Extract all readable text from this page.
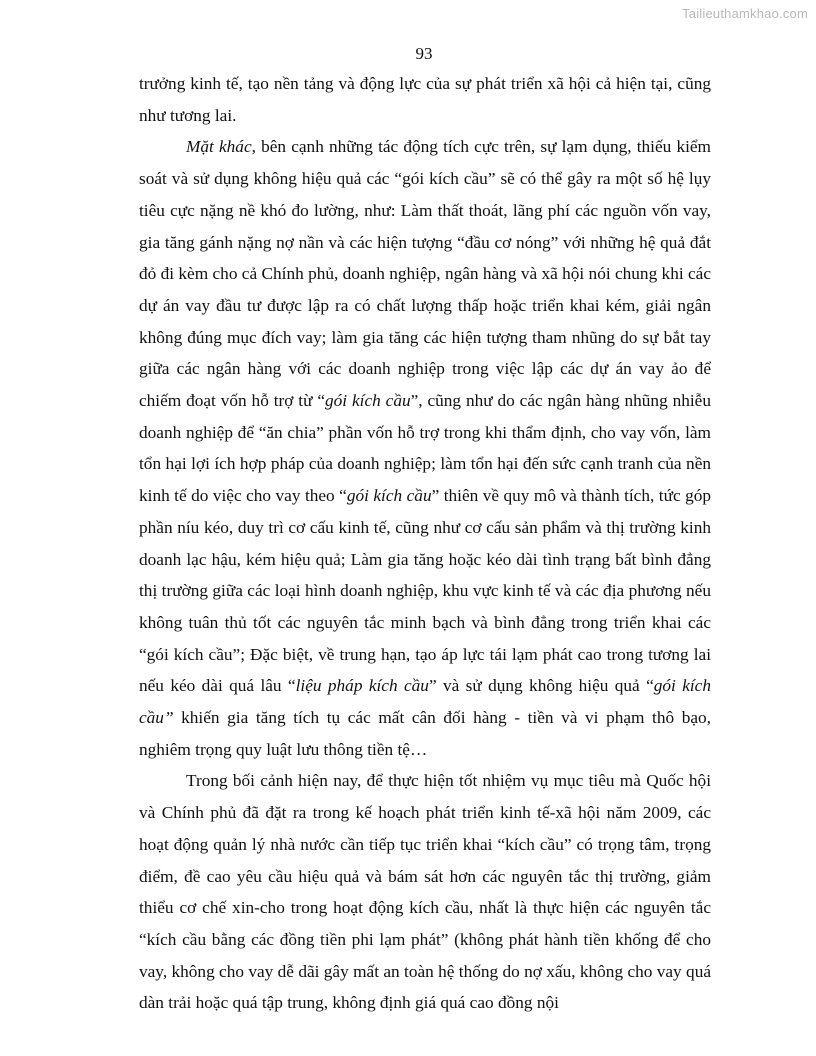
Tailieuthamkhao.com
93

trưởng kinh tế, tạo nền tảng và động lực của sự phát triển xã hội cả hiện tại, cũng như tương lai.

Mặt khác, bên cạnh những tác động tích cực trên, sự lạm dụng, thiếu kiểm soát và sử dụng không hiệu quả các “gói kích cầu” sẽ có thể gây ra một số hệ lụy tiêu cực nặng nề khó đo lường, như: Làm thất thoát, lãng phí các nguồn vốn vay, gia tăng gánh nặng nợ nần và các hiện tượng “đầu cơ nóng” với những hệ quả đắt đỏ đi kèm cho cả Chính phủ, doanh nghiệp, ngân hàng và xã hội nói chung khi các dự án vay đầu tư được lập ra có chất lượng thấp hoặc triển khai kém, giải ngân không đúng mục đích vay; làm gia tăng các hiện tượng tham nhũng do sự bắt tay giữa các ngân hàng với các doanh nghiệp trong việc lập các dự án vay ảo để chiếm đoạt vốn hỗ trợ từ “gói kích cầu”, cũng như do các ngân hàng nhũng nhiễu doanh nghiệp để “ăn chia” phần vốn hỗ trợ trong khi thẩm định, cho vay vốn, làm tổn hại lợi ích hợp pháp của doanh nghiệp; làm tổn hại đến sức cạnh tranh của nền kinh tế do việc cho vay theo “gói kích cầu” thiên về quy mô và thành tích, tức góp phần níu kéo, duy trì cơ cấu kinh tế, cũng như cơ cấu sản phẩm và thị trường kinh doanh lạc hậu, kém hiệu quả; Làm gia tăng hoặc kéo dài tình trạng bất bình đẳng thị trường giữa các loại hình doanh nghiệp, khu vực kinh tế và các địa phương nếu không tuân thủ tốt các nguyên tắc minh bạch và bình đẳng trong triển khai các “gói kích cầu”; Đặc biệt, về trung hạn, tạo áp lực tái lạm phát cao trong tương lai nếu kéo dài quá lâu “liệu pháp kích cầu” và sử dụng không hiệu quả “gói kích cầu” khiến gia tăng tích tụ các mất cân đối hàng - tiền và vi phạm thô bạo, nghiêm trọng quy luật lưu thông tiền tệ…

Trong bối cảnh hiện nay, để thực hiện tốt nhiệm vụ mục tiêu mà Quốc hội và Chính phủ đã đặt ra trong kế hoạch phát triển kinh tế-xã hội năm 2009, các hoạt động quản lý nhà nước cần tiếp tục triển khai “kích cầu” có trọng tâm, trọng điểm, đề cao yêu cầu hiệu quả và bám sát hơn các nguyên tắc thị trường, giảm thiểu cơ chế xin-cho trong hoạt động kích cầu, nhất là thực hiện các nguyên tắc “kích cầu bằng các đồng tiền phi lạm phát” (không phát hành tiền khống để cho vay, không cho vay dễ dãi gây mất an toàn hệ thống do nợ xấu, không cho vay quá dàn trải hoặc quá tập trung, không định giá quá cao đồng nội
